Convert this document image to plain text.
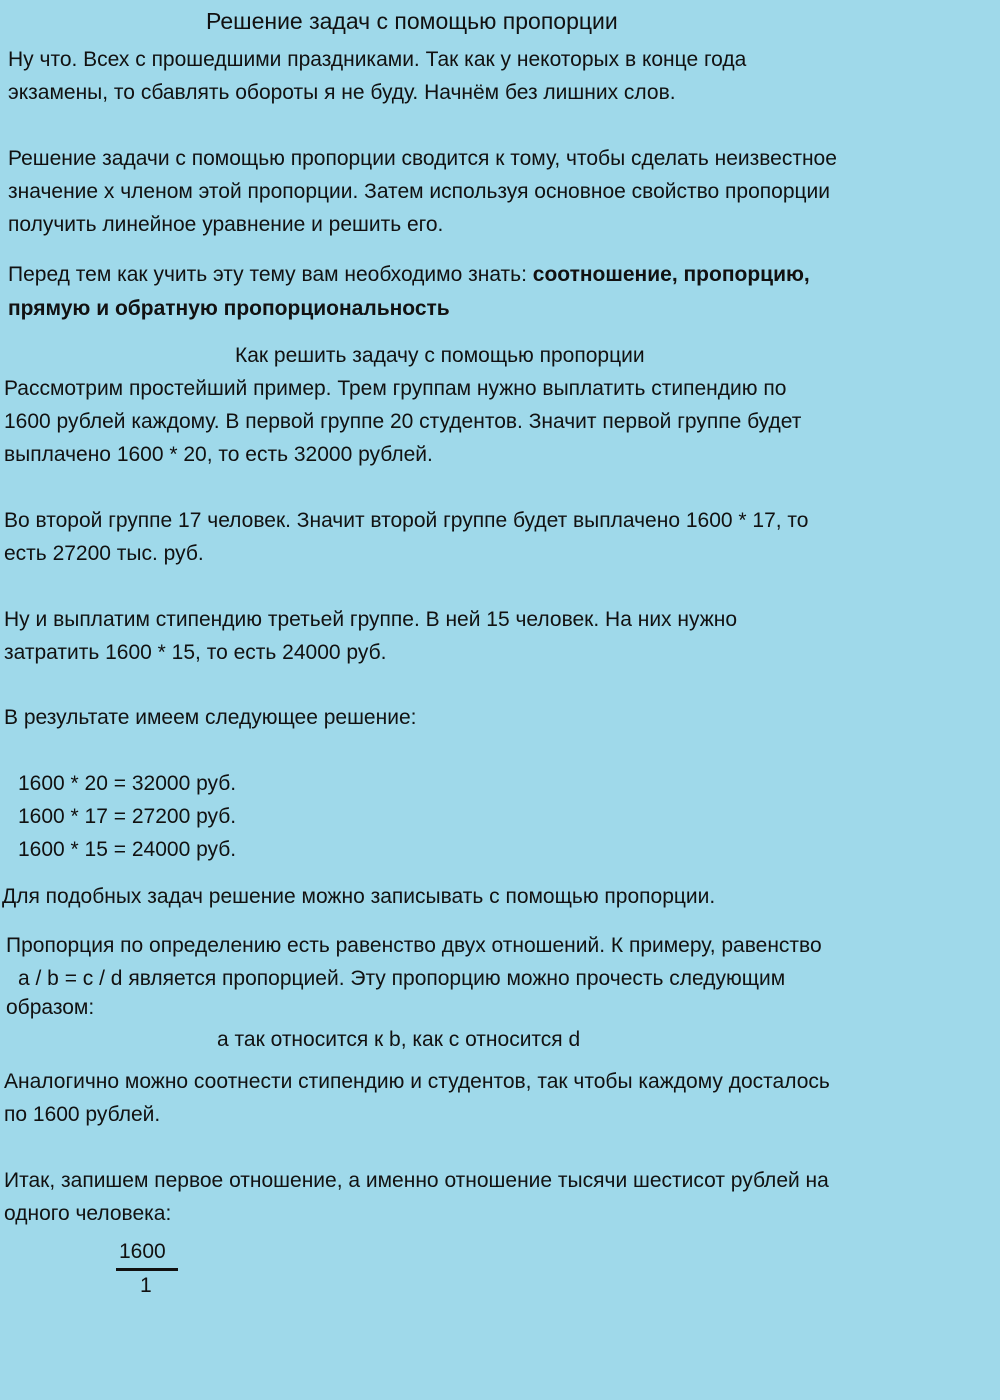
Решение задач с помощью пропорции
Ну что. Всех с прошедшими праздниками. Так как у некоторых в конце года
экзамены, то сбавлять обороты я не буду. Начнём без лишних слов.
Решение задачи с помощью пропорции сводится к тому, чтобы сделать неизвестное
значение x членом этой пропорции. Затем используя основное свойство пропорции
получить линейное уравнение и решить его.
Перед тем как учить эту тему вам необходимо знать: соотношение, пропорцию,
прямую и обратную пропорциональность
Как решить задачу с помощью пропорции
Рассмотрим простейший пример. Трем группам нужно выплатить стипендию по
1600 рублей каждому. В первой группе 20 студентов. Значит первой группе будет
выплачено 1600 * 20, то есть 32000 рублей.
Во второй группе 17 человек. Значит второй группе будет выплачено 1600 * 17, то
есть 27200 тыс. руб.
Ну и выплатим стипендию третьей группе. В ней 15 человек. На них нужно
затратить 1600 * 15, то есть 24000 руб.
В результате имеем следующее решение:
1600 * 20 = 32000 руб.
1600 * 17 = 27200 руб.
1600 * 15 = 24000 руб.
Для подобных задач решение можно записывать с помощью пропорции.
Пропорция по определению есть равенство двух отношений. К примеру, равенство
a / b = c / d является пропорцией. Эту пропорцию можно прочесть следующим
образом:
a так относится к b, как c относится d
Аналогично можно соотнести стипендию и студентов, так чтобы каждому досталось
по 1600 рублей.
Итак, запишем первое отношение, а именно отношение тысячи шестисот рублей на
одного человека:
1600
1
